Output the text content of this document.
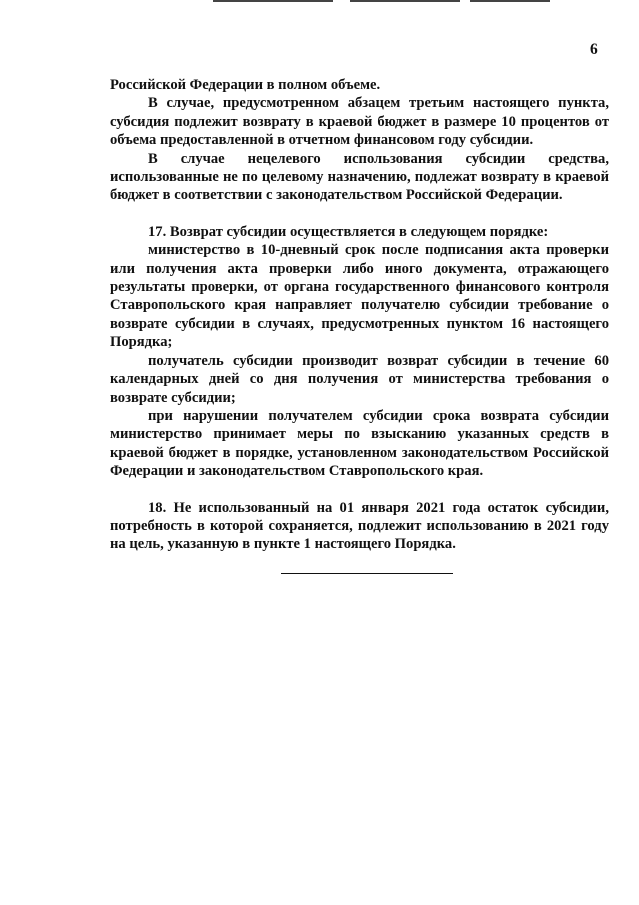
6

Российской Федерации в полном объеме.

В случае, предусмотренном абзацем третьим настоящего пункта, субсидия подлежит возврату в краевой бюджет в размере 10 процентов от объема предоставленной в отчетном финансовом году субсидии.

В случае нецелевого использования субсидии средства, использованные не по целевому назначению, подлежат возврату в краевой бюджет в соответствии с законодательством Российской Федерации.

17. Возврат субсидии осуществляется в следующем порядке:

министерство в 10-дневный срок после подписания акта проверки или получения акта проверки либо иного документа, отражающего результаты проверки, от органа государственного финансового контроля Ставропольского края направляет получателю субсидии требование о возврате субсидии в случаях, предусмотренных пунктом 16 настоящего Порядка;

получатель субсидии производит возврат субсидии в течение 60 календарных дней со дня получения от министерства требования о возврате субсидии;

при нарушении получателем субсидии срока возврата субсидии министерство принимает меры по взысканию указанных средств в краевой бюджет в порядке, установленном законодательством Российской Федерации и законодательством Ставропольского края.

18. Не использованный на 01 января 2021 года остаток субсидии, потребность в которой сохраняется, подлежит использованию в 2021 году на цель, указанную в пункте 1 настоящего Порядка.
